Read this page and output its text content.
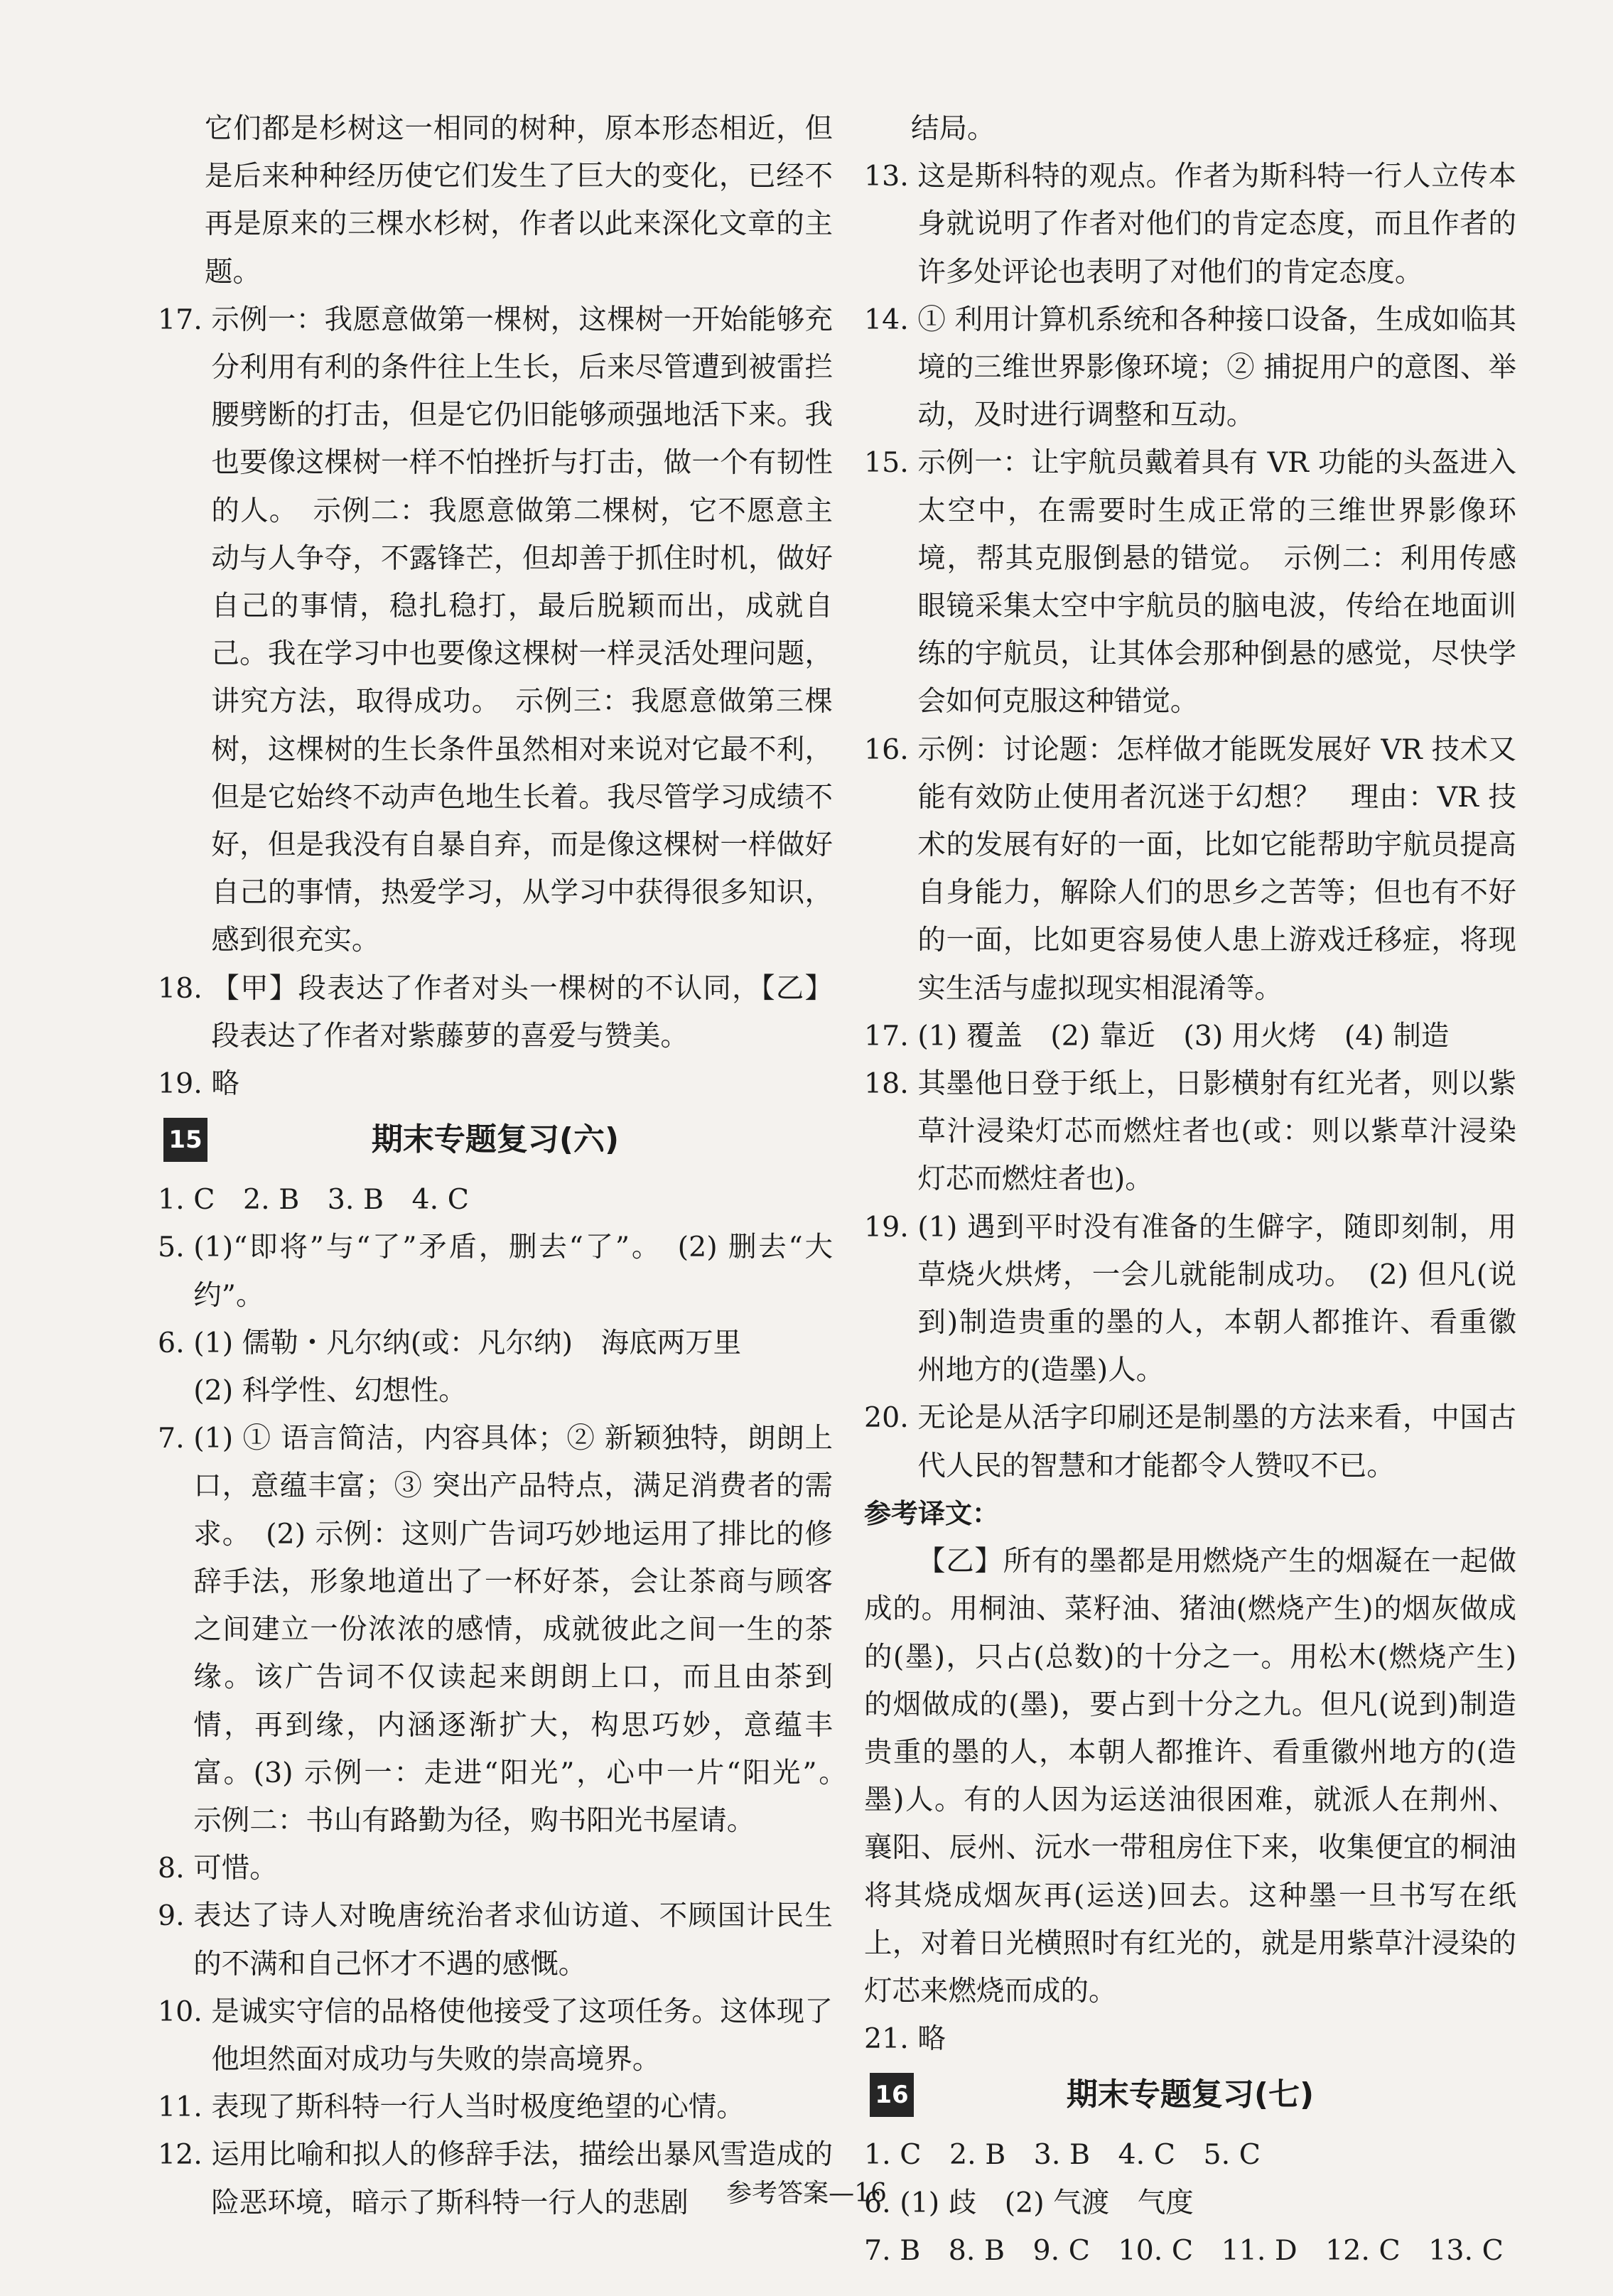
它们都是杉树这一相同的树种，原本形态相近，但是后来种种经历使它们发生了巨大的变化，已经不再是原来的三棵水杉树，作者以此来深化文章的主题。
17. 示例一：我愿意做第一棵树，这棵树一开始能够充分利用有利的条件往上生长，后来尽管遭到被雷拦腰劈断的打击，但是它仍旧能够顽强地活下来。我也要像这棵树一样不怕挫折与打击，做一个有韧性的人。　示例二：我愿意做第二棵树，它不愿意主动与人争夺，不露锋芒，但却善于抓住时机，做好自己的事情，稳扎稳打，最后脱颖而出，成就自己。我在学习中也要像这棵树一样灵活处理问题，讲究方法，取得成功。　示例三：我愿意做第三棵树，这棵树的生长条件虽然相对来说对它最不利，但是它始终不动声色地生长着。我尽管学习成绩不好，但是我没有自暴自弃，而是像这棵树一样做好自己的事情，热爱学习，从学习中获得很多知识，感到很充实。
18. 【甲】段表达了作者对头一棵树的不认同，【乙】段表达了作者对紫藤萝的喜爱与赞美。
19. 略
15	期末专题复习(六)
1. C　2. B　3. B　4. C
5. (1)“即将”与“了”矛盾，删去“了”。　(2) 删去“大约”。
6. (1) 儒勒・凡尔纳(或：凡尔纳)　海底两万里
(2) 科学性、幻想性。
7. (1) ① 语言简洁，内容具体；② 新颖独特，朗朗上口，意蕴丰富；③ 突出产品特点，满足消费者的需求。　(2) 示例：这则广告词巧妙地运用了排比的修辞手法，形象地道出了一杯好茶，会让茶商与顾客之间建立一份浓浓的感情，成就彼此之间一生的茶缘。该广告词不仅读起来朗朗上口，而且由茶到情，再到缘，内涵逐渐扩大，构思巧妙，意蕴丰富。(3) 示例一：走进“阳光”，心中一片“阳光”。　示例二：书山有路勤为径，购书阳光书屋请。
8. 可惜。
9. 表达了诗人对晚唐统治者求仙访道、不顾国计民生的不满和自己怀才不遇的感慨。
10. 是诚实守信的品格使他接受了这项任务。这体现了他坦然面对成功与失败的崇高境界。
11. 表现了斯科特一行人当时极度绝望的心情。
12. 运用比喻和拟人的修辞手法，描绘出暴风雪造成的险恶环境，暗示了斯科特一行人的悲剧
结局。
13. 这是斯科特的观点。作者为斯科特一行人立传本身就说明了作者对他们的肯定态度，而且作者的许多处评论也表明了对他们的肯定态度。
14. ① 利用计算机系统和各种接口设备，生成如临其境的三维世界影像环境；② 捕捉用户的意图、举动，及时进行调整和互动。
15. 示例一：让宇航员戴着具有 VR 功能的头盔进入太空中，在需要时生成正常的三维世界影像环境，帮其克服倒悬的错觉。　示例二：利用传感眼镜采集太空中宇航员的脑电波，传给在地面训练的宇航员，让其体会那种倒悬的感觉，尽快学会如何克服这种错觉。
16. 示例：讨论题：怎样做才能既发展好 VR 技术又能有效防止使用者沉迷于幻想？　理由：VR 技术的发展有好的一面，比如它能帮助宇航员提高自身能力，解除人们的思乡之苦等；但也有不好的一面，比如更容易使人患上游戏迁移症，将现实生活与虚拟现实相混淆等。
17. (1) 覆盖　(2) 靠近　(3) 用火烤　(4) 制造
18. 其墨他日登于纸上，日影横射有红光者，则以紫草汁浸染灯芯而燃炷者也(或：则以紫草汁浸染灯芯而燃炷者也)。
19. (1) 遇到平时没有准备的生僻字，随即刻制，用草烧火烘烤，一会儿就能制成功。　(2) 但凡(说到)制造贵重的墨的人，本朝人都推许、看重徽州地方的(造墨)人。
20. 无论是从活字印刷还是制墨的方法来看，中国古代人民的智慧和才能都令人赞叹不已。
参考译文：
【乙】所有的墨都是用燃烧产生的烟凝在一起做成的。用桐油、菜籽油、猪油(燃烧产生)的烟灰做成的(墨)，只占(总数)的十分之一。用松木(燃烧产生)的烟做成的(墨)，要占到十分之九。但凡(说到)制造贵重的墨的人，本朝人都推许、看重徽州地方的(造墨)人。有的人因为运送油很困难，就派人在荆州、襄阳、辰州、沅水一带租房住下来，收集便宜的桐油将其烧成烟灰再(运送)回去。这种墨一旦书写在纸上，对着日光横照时有红光的，就是用紫草汁浸染的灯芯来燃烧而成的。
21. 略
16	期末专题复习(七)
1. C　2. B　3. B　4. C　5. C
6. (1) 歧　(2) 气渡　气度
7. B　8. B　9. C　10. C　11. D　12. C　13. C
参考答案—16
